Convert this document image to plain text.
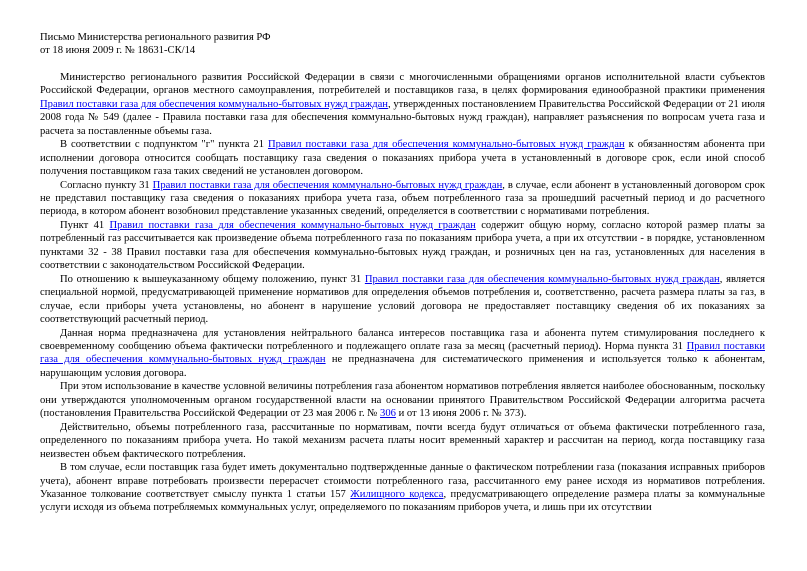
Письмо Министерства регионального развития РФ
от 18 июня 2009 г. № 18631-СК/14

Министерство регионального развития Российской Федерации в связи с многочисленными обращениями органов исполнительной власти субъектов Российской Федерации, органов местного самоуправления, потребителей и поставщиков газа, в целях формирования единообразной практики применения Правил поставки газа для обеспечения коммунально-бытовых нужд граждан, утвержденных постановлением Правительства Российской Федерации от 21 июля 2008 года № 549 (далее - Правила поставки газа для обеспечения коммунально-бытовых нужд граждан), направляет разъяснения по вопросам учета газа и расчета за поставленные объемы газа.

В соответствии с подпунктом "г" пункта 21 Правил поставки газа для обеспечения коммунально-бытовых нужд граждан к обязанностям абонента при исполнении договора относится сообщать поставщику газа сведения о показаниях прибора учета в установленный в договоре срок, если иной способ получения поставщиком газа таких сведений не установлен договором.

Согласно пункту 31 Правил поставки газа для обеспечения коммунально-бытовых нужд граждан, в случае, если абонент в установленный договором срок не представил поставщику газа сведения о показаниях прибора учета газа, объем потребленного газа за прошедший расчетный период и до расчетного периода, в котором абонент возобновил представление указанных сведений, определяется в соответствии с нормативами потребления.

Пункт 41 Правил поставки газа для обеспечения коммунально-бытовых нужд граждан содержит общую норму, согласно которой размер платы за потребленный газ рассчитывается как произведение объема потребленного газа по показаниям прибора учета, а при их отсутствии - в порядке, установленном пунктами 32 - 38 Правил поставки газа для обеспечения коммунально-бытовых нужд граждан, и розничных цен на газ, установленных для населения в соответствии с законодательством Российской Федерации.

По отношению к вышеуказанному общему положению, пункт 31 Правил поставки газа для обеспечения коммунально-бытовых нужд граждан, является специальной нормой, предусматривающей применение нормативов для определения объемов потребления и, соответственно, расчета размера платы за газ, в случае, если приборы учета установлены, но абонент в нарушение условий договора не предоставляет поставщику сведения об их показаниях за соответствующий расчетный период.

Данная норма предназначена для установления нейтрального баланса интересов поставщика газа и абонента путем стимулирования последнего к своевременному сообщению объема фактически потребленного и подлежащего оплате газа за месяц (расчетный период). Норма пункта 31 Правил поставки газа для обеспечения коммунально-бытовых нужд граждан не предназначена для систематического применения и используется только к абонентам, нарушающим условия договора.

При этом использование в качестве условной величины потребления газа абонентом нормативов потребления является наиболее обоснованным, поскольку они утверждаются уполномоченным органом государственной власти на основании принятого Правительством Российской Федерации алгоритма расчета (постановления Правительства Российской Федерации от 23 мая 2006 г. № 306 и от 13 июня 2006 г. № 373).

Действительно, объемы потребленного газа, рассчитанные по нормативам, почти всегда будут отличаться от объема фактически потребленного газа, определенного по показаниям прибора учета. Но такой механизм расчета платы носит временный характер и рассчитан на период, когда поставщику газа неизвестен объем фактического потребления.

В том случае, если поставщик газа будет иметь документально подтвержденные данные о фактическом потреблении газа (показания исправных приборов учета), абонент вправе потребовать произвести перерасчет стоимости потребленного газа, рассчитанного ему ранее исходя из нормативов потребления. Указанное толкование соответствует смыслу пункта 1 статьи 157 Жилищного кодекса, предусматривающего определение размера платы за коммунальные услуги исходя из объема потребляемых коммунальных услуг, определяемого по показаниям приборов учета, и лишь при их отсутствии
